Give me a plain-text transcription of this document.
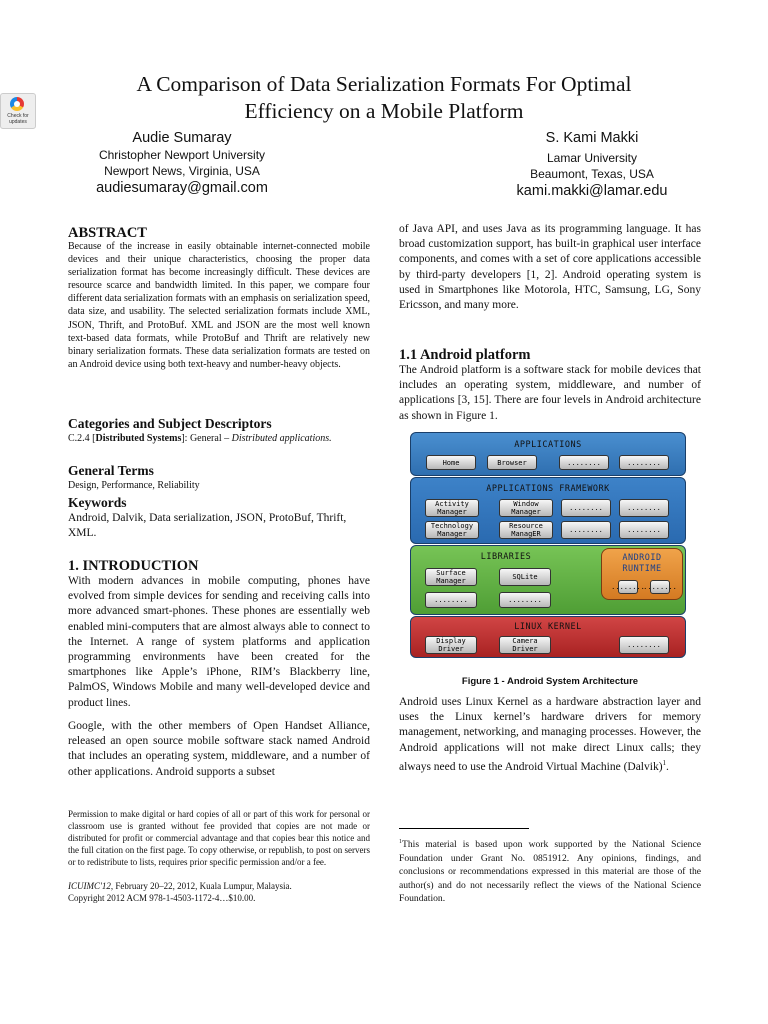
A Comparison of Data Serialization Formats For Optimal
Efficiency on a Mobile Platform
Check for updates
Audie Sumaray
Christopher Newport University
Newport News, Virginia, USA
audiesumaray@gmail.com
S. Kami Makki
Lamar University
Beaumont, Texas, USA
kami.makki@lamar.edu
ABSTRACT
Because of the increase in easily obtainable internet-connected mobile devices and their unique characteristics, choosing the proper data serialization format has become increasingly difficult. These devices are resource scarce and bandwidth limited. In this paper, we compare four different data serialization formats with an emphasis on serialization speed, data size, and usability. The selected serialization formats include XML, JSON, Thrift, and ProtoBuf. XML and JSON are the most well known text-based data formats, while ProtoBuf and Thrift are relatively new binary serialization formats. These data serialization formats are tested on an Android device using both text-heavy and number-heavy objects.
Categories and Subject Descriptors
C.2.4 [Distributed Systems]: General – Distributed applications.
General Terms
Design, Performance, Reliability
Keywords
Android, Dalvik, Data serialization, JSON, ProtoBuf, Thrift, XML.
1. INTRODUCTION
With modern advances in mobile computing, phones have evolved from simple devices for sending and receiving calls into more advanced smart-phones. These phones are essentially web enabled mini-computers that are almost always able to connect to the Internet. A range of system platforms and application programming environments have been created for the smartphones like Apple’s iPhone, RIM’s Blackberry line, PalmOS, Windows Mobile and many well-developed device and product lines.
Google, with the other members of Open Handset Alliance, released an open source mobile software stack named Android that includes an operating system, middleware, and a number of other applications. Android supports a subset
Permission to make digital or hard copies of all or part of this work for personal or classroom use is granted without fee provided that copies are not made or distributed for profit or commercial advantage and that copies bear this notice and the full citation on the first page. To copy otherwise, or republish, to post on servers or to redistribute to lists, requires prior specific permission and/or a fee.
ICUIMC'12, February 20–22, 2012, Kuala Lumpur, Malaysia.
Copyright 2012 ACM 978-1-4503-1172-4…$10.00.
of Java API, and uses Java as its programming language. It has broad customization support, has built-in graphical user interface components, and comes with a set of core applications accessible by third-party developers [1, 2]. Android operating system is used in Smartphones like Motorola, HTC, Samsung, LG, Sony Ericsson, and many more.
1.1 Android platform
The Android platform is a software stack for mobile devices that includes an operating system, middleware, and number of applications [3, 15]. There are four levels in Android architecture as shown in Figure 1.
APPLICATIONS
Home	Browser	........	........
APPLICATIONS FRAMEWORK
Activity Manager
Window Manager	........	........
Technology Manager
Resource ManagER	........	........
LIBRARIES
Surface Manager	SQLite
........	........
ANDROID RUNTIME
........
........
LINUX KERNEL
Display Driver
Camera Driver	........
Figure 1 - Android System Architecture
Android uses Linux Kernel as a hardware abstraction layer and uses the Linux kernel’s hardware drivers for memory management, networking, and managing processes. However, the Android applications will not make direct Linux calls; they always need to use the Android Virtual Machine (Dalvik)$^1$.
$^1$This material is based upon work supported by the National Science Foundation under Grant No. 0851912. Any opinions, findings, and conclusions or recommendations expressed in this material are those of the author(s) and do not necessarily reflect the views of the National Science Foundation.
